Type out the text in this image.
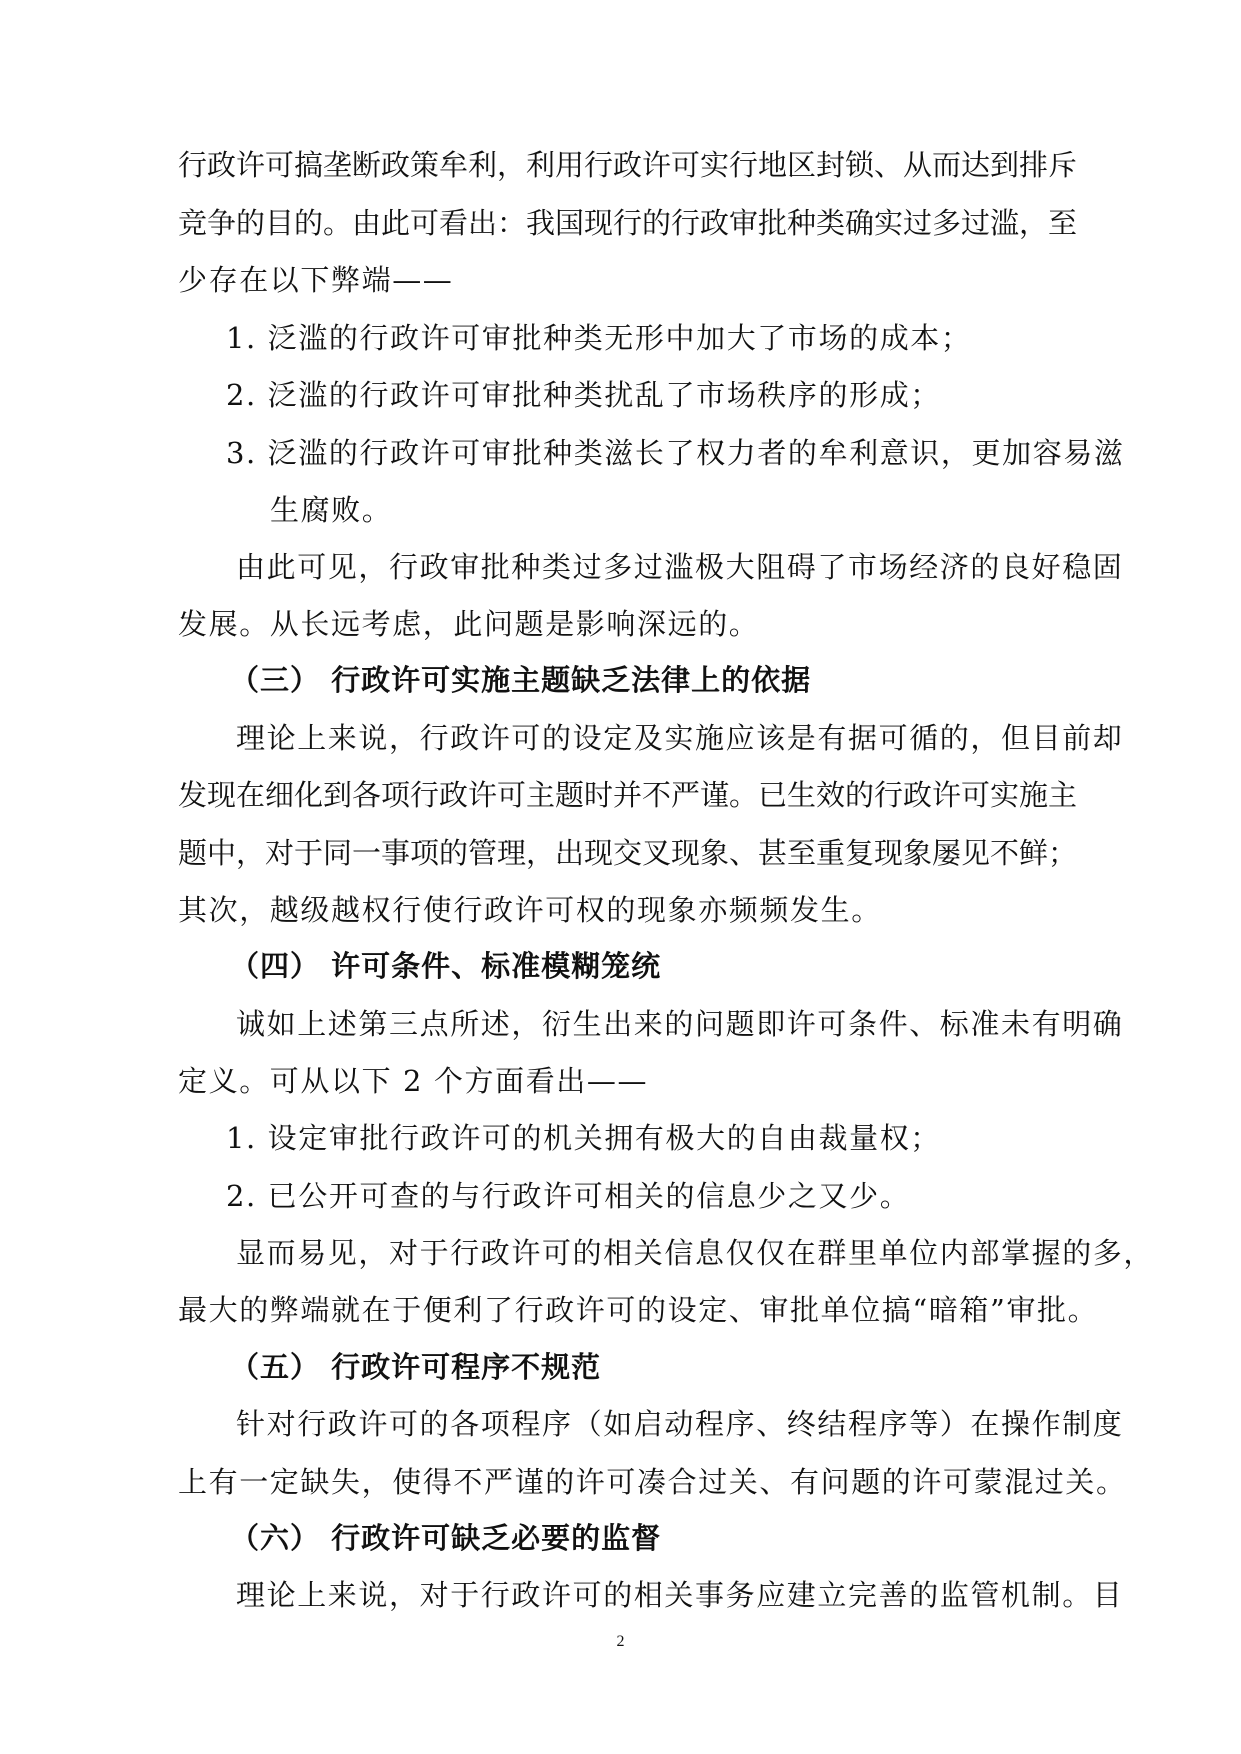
行政许可搞垄断政策牟利，利用行政许可实行地区封锁、从而达到排斥
竞争的目的。由此可看出：我国现行的行政审批种类确实过多过滥，至
少存在以下弊端——
1. 泛滥的行政许可审批种类无形中加大了市场的成本；
2. 泛滥的行政许可审批种类扰乱了市场秩序的形成；
3. 泛滥的行政许可审批种类滋长了权力者的牟利意识，更加容易滋
生腐败。
由此可见，行政审批种类过多过滥极大阻碍了市场经济的良好稳固
发展。从长远考虑，此问题是影响深远的。
（三） 行政许可实施主题缺乏法律上的依据
理论上来说，行政许可的设定及实施应该是有据可循的，但目前却
发现在细化到各项行政许可主题时并不严谨。已生效的行政许可实施主
题中，对于同一事项的管理，出现交叉现象、甚至重复现象屡见不鲜；
其次，越级越权行使行政许可权的现象亦频频发生。
（四） 许可条件、标准模糊笼统
诚如上述第三点所述，衍生出来的问题即许可条件、标准未有明确
定义。可从以下 2 个方面看出——
1. 设定审批行政许可的机关拥有极大的自由裁量权；
2. 已公开可查的与行政许可相关的信息少之又少。
显而易见，对于行政许可的相关信息仅仅在群里单位内部掌握的多，
最大的弊端就在于便利了行政许可的设定、审批单位搞“暗箱”审批。
（五） 行政许可程序不规范
针对行政许可的各项程序（如启动程序、终结程序等）在操作制度
上有一定缺失，使得不严谨的许可凑合过关、有问题的许可蒙混过关。
（六） 行政许可缺乏必要的监督
理论上来说，对于行政许可的相关事务应建立完善的监管机制。目
2
